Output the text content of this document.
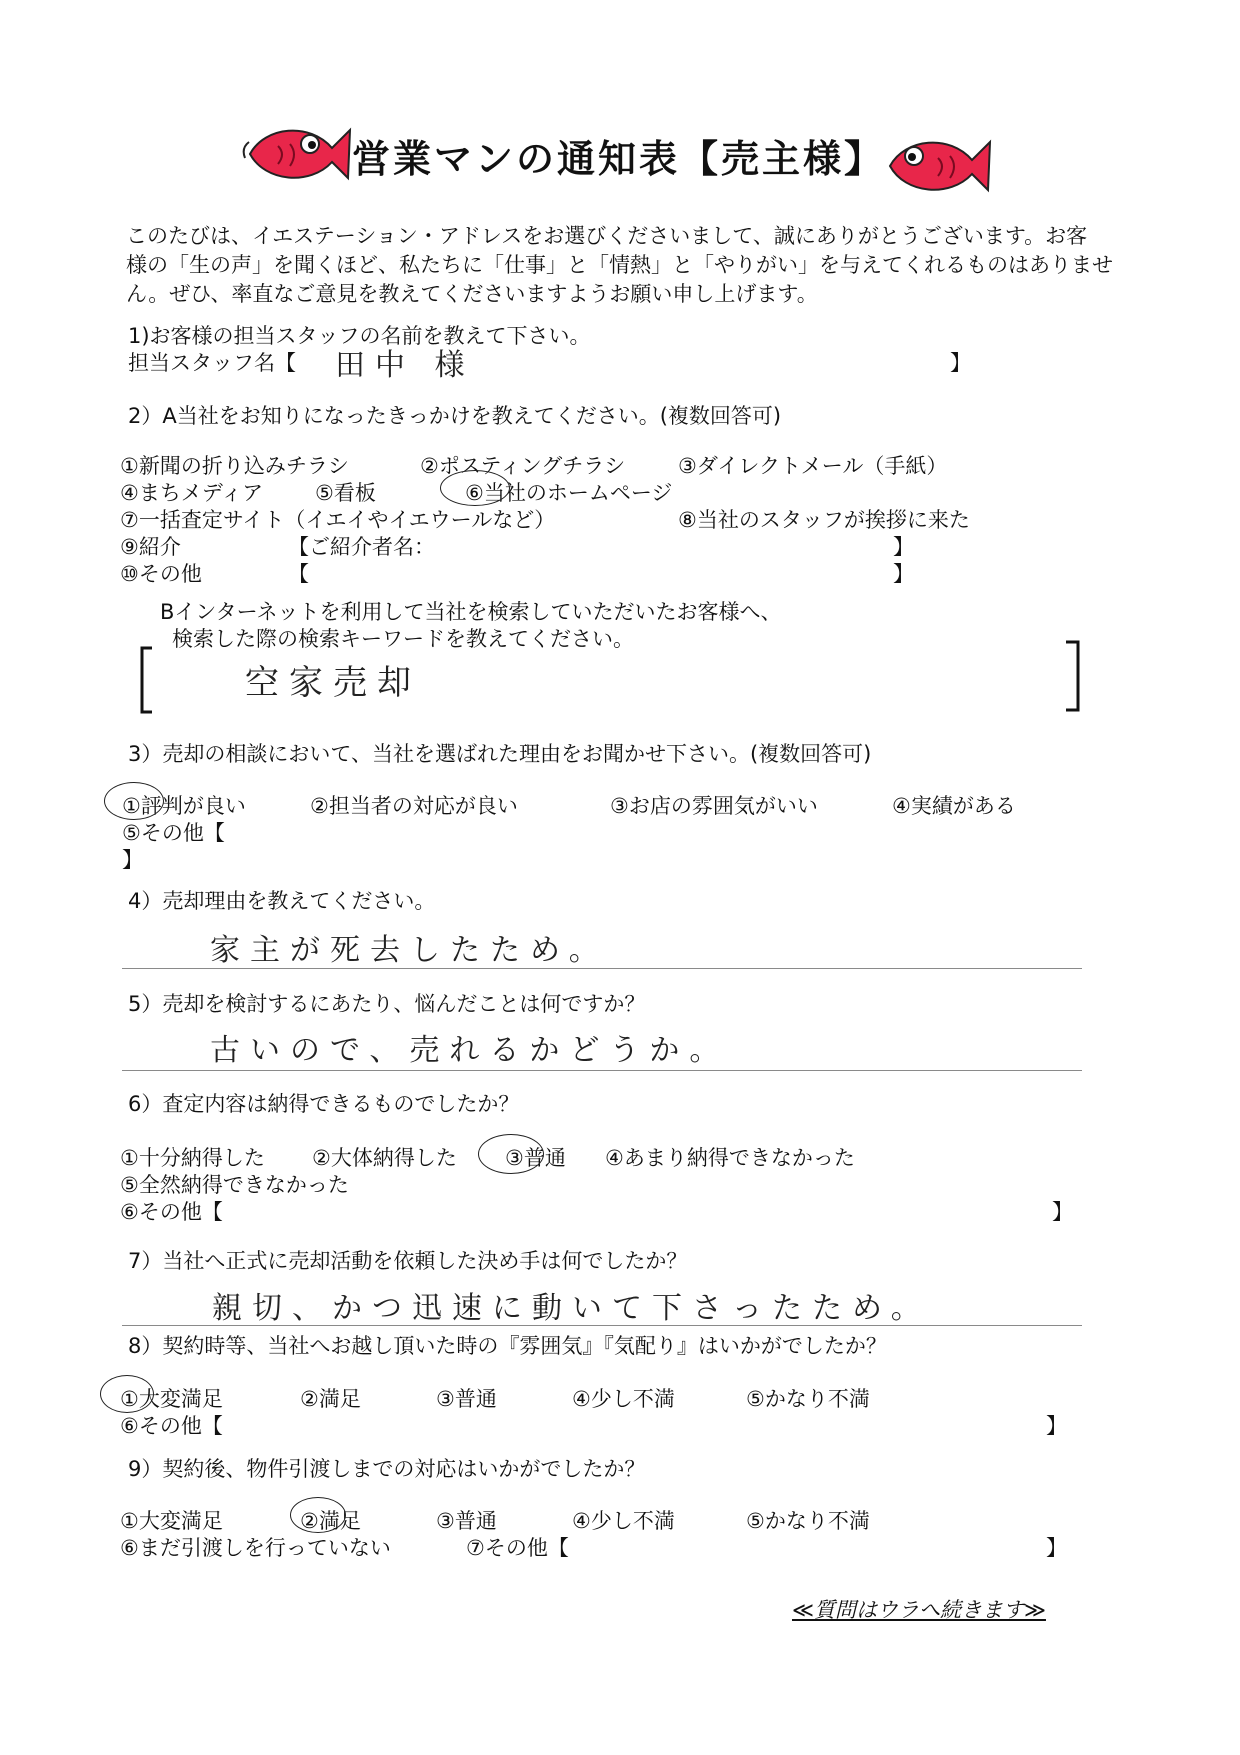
営業マンの通知表【売主様】
このたびは、イエステーション・アドレスをお選びくださいまして、誠にありがとうございます。お客
様の「生の声」を聞くほど、私たちに「仕事」と「情熱」と「やりがい」を与えてくれるものはありませ
ん。ぜひ、率直なご意見を教えてくださいますようお願い申し上げます。
1)お客様の担当スタッフの名前を教えて下さい。
担当スタッフ名【 田中 様	】
2）A当社をお知りになったきっかけを教えてください。(複数回答可)
①新聞の折り込みチラシ	②ポスティングチラシ	③ダイレクトメール（手紙）
④まちメディア ⑤看板	⑥当社のホームページ
⑦一括査定サイト（イエイやイエウールなど）	⑧当社のスタッフが挨拶に来た
⑨紹介	【ご紹介者名：	】
⑩その他	【	】
Bインターネットを利用して当社を検索していただいたお客様へ、
検索した際の検索キーワードを教えてください。
空家売却
3）売却の相談において、当社を選ばれた理由をお聞かせ下さい。(複数回答可)
①評判が良い	②担当者の対応が良い	③お店の雰囲気がいい	④実績がある
⑤その他【
】
4）売却理由を教えてください。
家主が死去したため。
5）売却を検討するにあたり、悩んだことは何ですか？
古いので、売れるかどうか。
6）査定内容は納得できるものでしたか？
①十分納得した ②大体納得した ③普通 ④あまり納得できなかった
⑤全然納得できなかった
⑥その他【	】
7）当社へ正式に売却活動を依頼した決め手は何でしたか？
親切、かつ迅速に動いて下さったため。
8）契約時等、当社へお越し頂いた時の『雰囲気』『気配り』はいかがでしたか？
①大変満足	②満足	③普通	④少し不満	⑤かなり不満
⑥その他【	】
9）契約後、物件引渡しまでの対応はいかがでしたか？
①大変満足	②満足	③普通	④少し不満	⑤かなり不満
⑥まだ引渡しを行っていない	⑦その他【	】
≪質問はウラへ続きます≫
